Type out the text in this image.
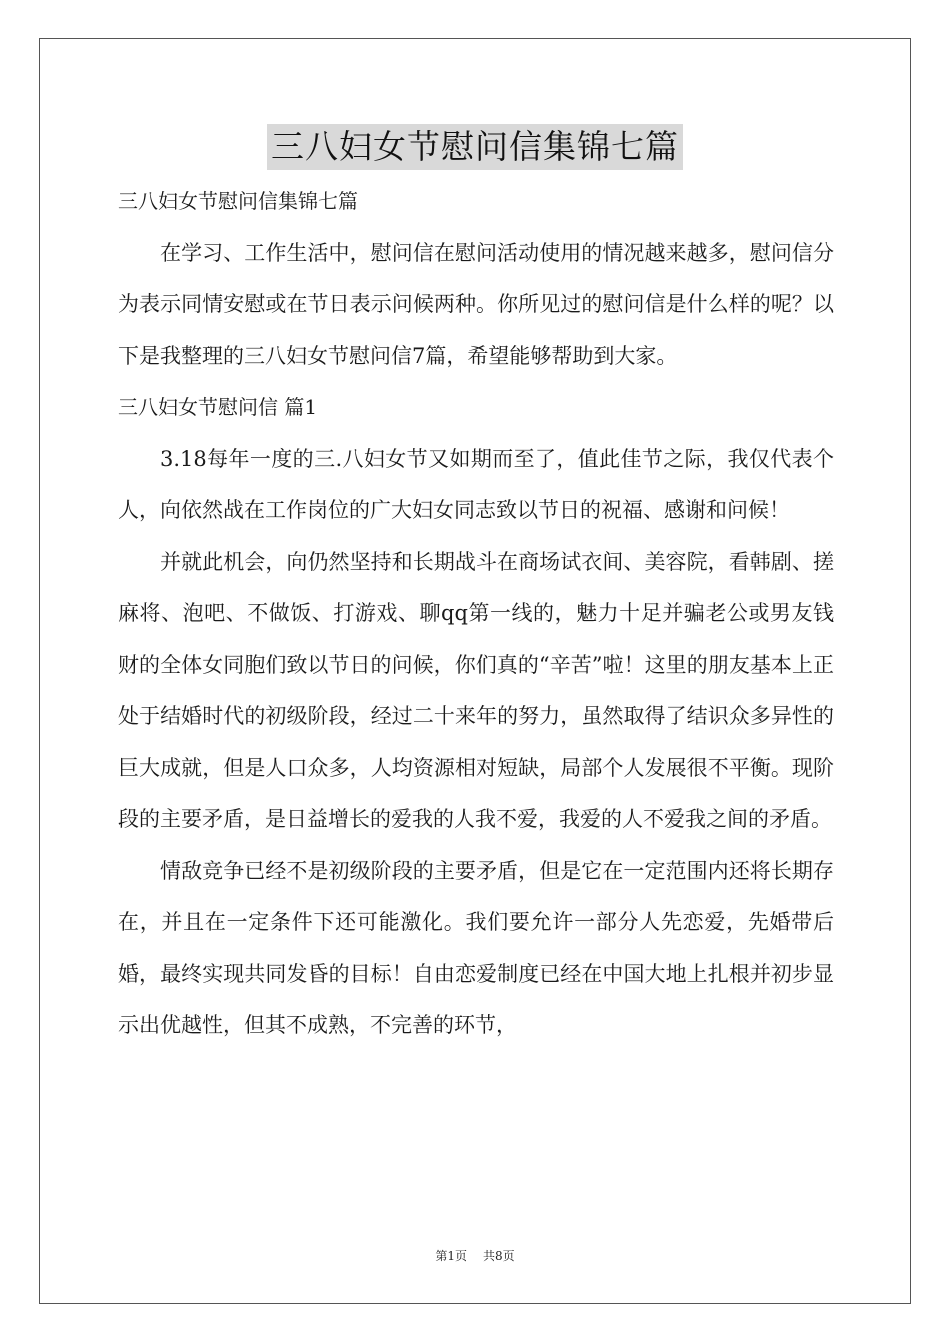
三八妇女节慰问信集锦七篇

三八妇女节慰问信集锦七篇

在学习、工作生活中，慰问信在慰问活动使用的情况越来越多，慰问信分为表示同情安慰或在节日表示问候两种。你所见过的慰问信是什么样的呢？以下是我整理的三八妇女节慰问信7篇，希望能够帮助到大家。

三八妇女节慰问信 篇1

3.18每年一度的三.八妇女节又如期而至了，值此佳节之际，我仅代表个人，向依然战在工作岗位的广大妇女同志致以节日的祝福、感谢和问候！

并就此机会，向仍然坚持和长期战斗在商场试衣间、美容院，看韩剧、搓麻将、泡吧、不做饭、打游戏、聊qq第一线的，魅力十足并骗老公或男友钱财的全体女同胞们致以节日的问候，你们真的“辛苦”啦！这里的朋友基本上正处于结婚时代的初级阶段，经过二十来年的努力，虽然取得了结识众多异性的巨大成就，但是人口众多，人均资源相对短缺，局部个人发展很不平衡。现阶段的主要矛盾，是日益增长的爱我的人我不爱，我爱的人不爱我之间的矛盾。

情敌竞争已经不是初级阶段的主要矛盾，但是它在一定范围内还将长期存在，并且在一定条件下还可能激化。我们要允许一部分人先恋爱，先婚带后婚，最终实现共同发昏的目标！自由恋爱制度已经在中国大地上扎根并初步显示出优越性，但其不成熟，不完善的环节，

第1页 共8页
